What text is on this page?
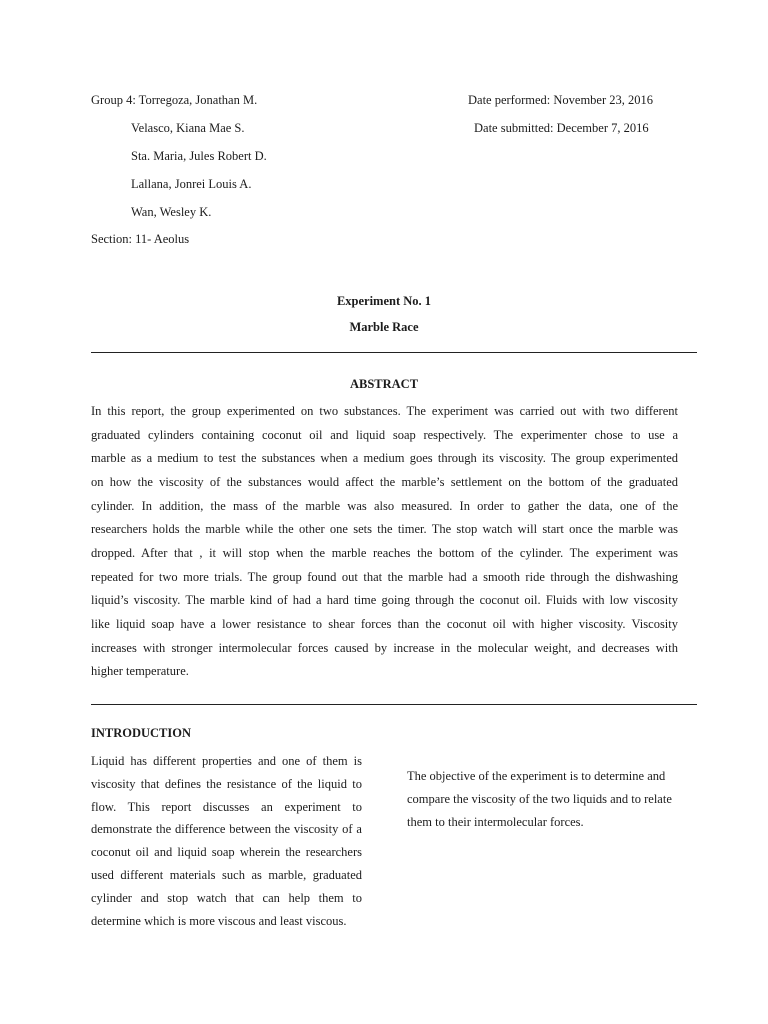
Group 4: Torregoza, Jonathan M.
Velasco, Kiana Mae S.
Sta. Maria, Jules Robert D.
Lallana, Jonrei Louis A.
Wan, Wesley K.
Section: 11- Aeolus
Date performed: November 23, 2016
Date submitted: December 7, 2016
Experiment No. 1
Marble Race
ABSTRACT

In this report, the group experimented on two substances. The experiment was carried out with two different

graduated cylinders containing coconut oil and liquid soap respectively. The experimenter chose to use a

marble as a medium to test the substances when a medium goes through its viscosity. The group experimented

on how the viscosity of the substances would affect the marble’s settlement on the bottom of the graduated

cylinder. In addition, the mass of the marble was also measured. In order to gather the data, one of the

researchers holds the marble while the other one sets the timer. The stop watch will start once the marble was

dropped. After that , it will stop when the marble reaches the bottom of the cylinder. The experiment was

repeated for two more trials. The group found out that the marble had a smooth ride through the dishwashing

liquid’s viscosity. The marble kind of had a hard time going through the coconut oil. Fluids with low viscosity

like liquid soap have a lower resistance to shear forces than the coconut oil with higher viscosity. Viscosity

increases with stronger intermolecular forces caused by increase in the molecular weight, and decreases with

higher temperature.

INTRODUCTION

Liquid has different properties and one of them is

viscosity that defines the resistance of the liquid to

flow. This report discusses an experiment to

demonstrate the difference between the viscosity of a

coconut oil and liquid soap wherein the researchers

used different materials such as marble, graduated

cylinder and stop watch that can help them to

determine which is more viscous and least viscous.

The objective of the experiment is to determine and

compare the viscosity of the two liquids and to relate

them to their intermolecular forces.
